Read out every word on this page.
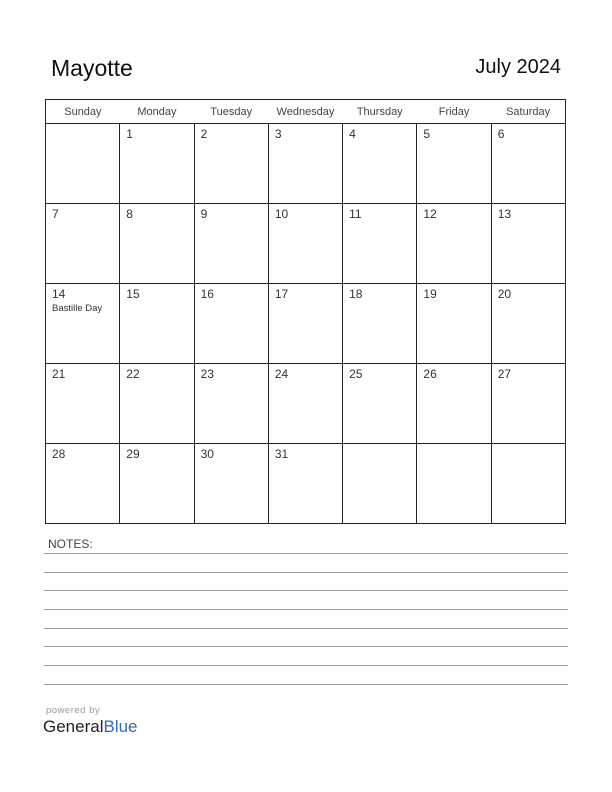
Mayotte	July 2024
Sunday	Monday	Tuesday	Wednesday	Thursday	Friday	Saturday

	1	2	3	4	5	6

7	8	9	10	11	12	13

14
Bastille Day	15	16	17	18	19	20

21	22	23	24	25	26	27

28	29	30	31			

NOTES:
powered by
GeneralBlue
